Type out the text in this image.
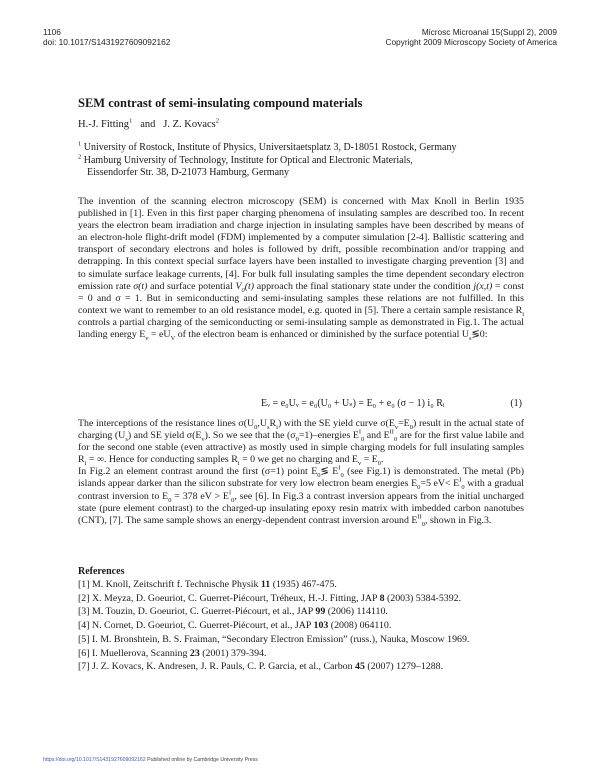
1106
doi: 10.1017/S1431927609092162
Microsc Microanal 15(Suppl 2), 2009
Copyright 2009 Microscopy Society of America
SEM contrast of semi-insulating compound materials
H.-J. Fitting$^1$ and J. Z. Kovacs$^2$
$^1$ University of Rostock, Institute of Physics, Universitaetsplatz 3, D-18051 Rostock, Germany
$^2$ Hamburg University of Technology, Institute for Optical and Electronic Materials,
Eissendorfer Str. 38, D-21073 Hamburg, Germany
The invention of the scanning electron microscopy (SEM) is concerned with Max Knoll in Berlin 1935 published in [1]. Even in this first paper charging phenomena of insulating samples are described too. In recent years the electron beam irradiation and charge injection in insulating samples have been described by means of an electron-hole flight-drift model (FDM) implemented by a computer simulation [2-4]. Ballistic scattering and transport of secondary electrons and holes is followed by drift, possible recombination and/or trapping and detrapping. In this context special surface layers have been installed to investigate charging prevention [3] and to simulate surface leakage currents, [4]. For bulk full insulating samples the time dependent secondary electron emission rate σ(t) and surface potential $V_0(t)$ approach the final stationary state under the condition j(x,t) = const = 0 and σ = 1. But in semiconducting and semi-insulating samples these relations are not fulfilled. In this context we want to remember to an old resistance model, e.g. quoted in [5]. There a certain sample resistance $R_i$ controls a partial charging of the semiconducting or semi-insulating sample as demonstrated in Fig.1. The actual landing energy $E_v = eU_V$ of the electron beam is enhanced or diminished by the surface potential $U_s≶0$:
Eᵥ = e₀Uᵥ = e₀(U₀ + Uₛ) = E₀ + e₀ (σ − 1) i₀ Rᵢ	(1)
The interceptions of the resistance lines $\sigma(U_0,U_sR_i)$ with the SE yield curve $\sigma(E_v=E_0)$ result in the actual state of charging $(U_s)$ and SE yield $\sigma(E_v)$. So we see that the $(\sigma_0=1)$–energies $E^I_0$ and $E^{II}_0$ are for the first value labile and for the second one stable (even attractive) as mostly used in simple charging models for full insulating samples $R_i$ = ∞. Hence for conducting samples $R_i = 0$ we get no charging and $E_v = E_0$.
In Fig.2 an element contrast around the first (σ=1) point $E_0≶$ $E^I_0$ (see Fig.1) is demonstrated. The metal (Pb) islands appear darker than the silicon substrate for very low electron beam energies $E_0=5$ $eV< E^I_0$ with a gradual contrast inversion to $E_0 = 378$ eV > $E^I_0$, see [6]. In Fig.3 a contrast inversion appears from the initial uncharged state (pure element contrast) to the charged-up insulating epoxy resin matrix with imbedded carbon nanotubes (CNT), [7]. The same sample shows an energy-dependent contrast inversion around $E^{II}_0$, shown in Fig.3.
References
[1] M. Knoll, Zeitschrift f. Technische Physik 11 (1935) 467-475.
[2] X. Meyza, D. Goeuriot, C. Guerret-Piécourt, Tréheux, H.-J. Fitting, JAP 8 (2003) 5384-5392.
[3] M. Touzin, D. Goeuriot, C. Guerret-Piécourt, et al., JAP 99 (2006) 114110.
[4] N. Cornet, D. Goeuriot, C. Guerret-Piécourt, et al., JAP 103 (2008) 064110.
[5] I. M. Bronshtein, B. S. Fraiman, “Secondary Electron Emission” (russ.), Nauka, Moscow 1969.
[6] I. Muellerova, Scanning 23 (2001) 379-394.
[7] J. Z. Kovacs, K. Andresen, J. R. Pauls, C. P. Garcia, et al., Carbon 45 (2007) 1279–1288.
https://doi.org/10.1017/S1431927609092162 Published online by Cambridge University Press
